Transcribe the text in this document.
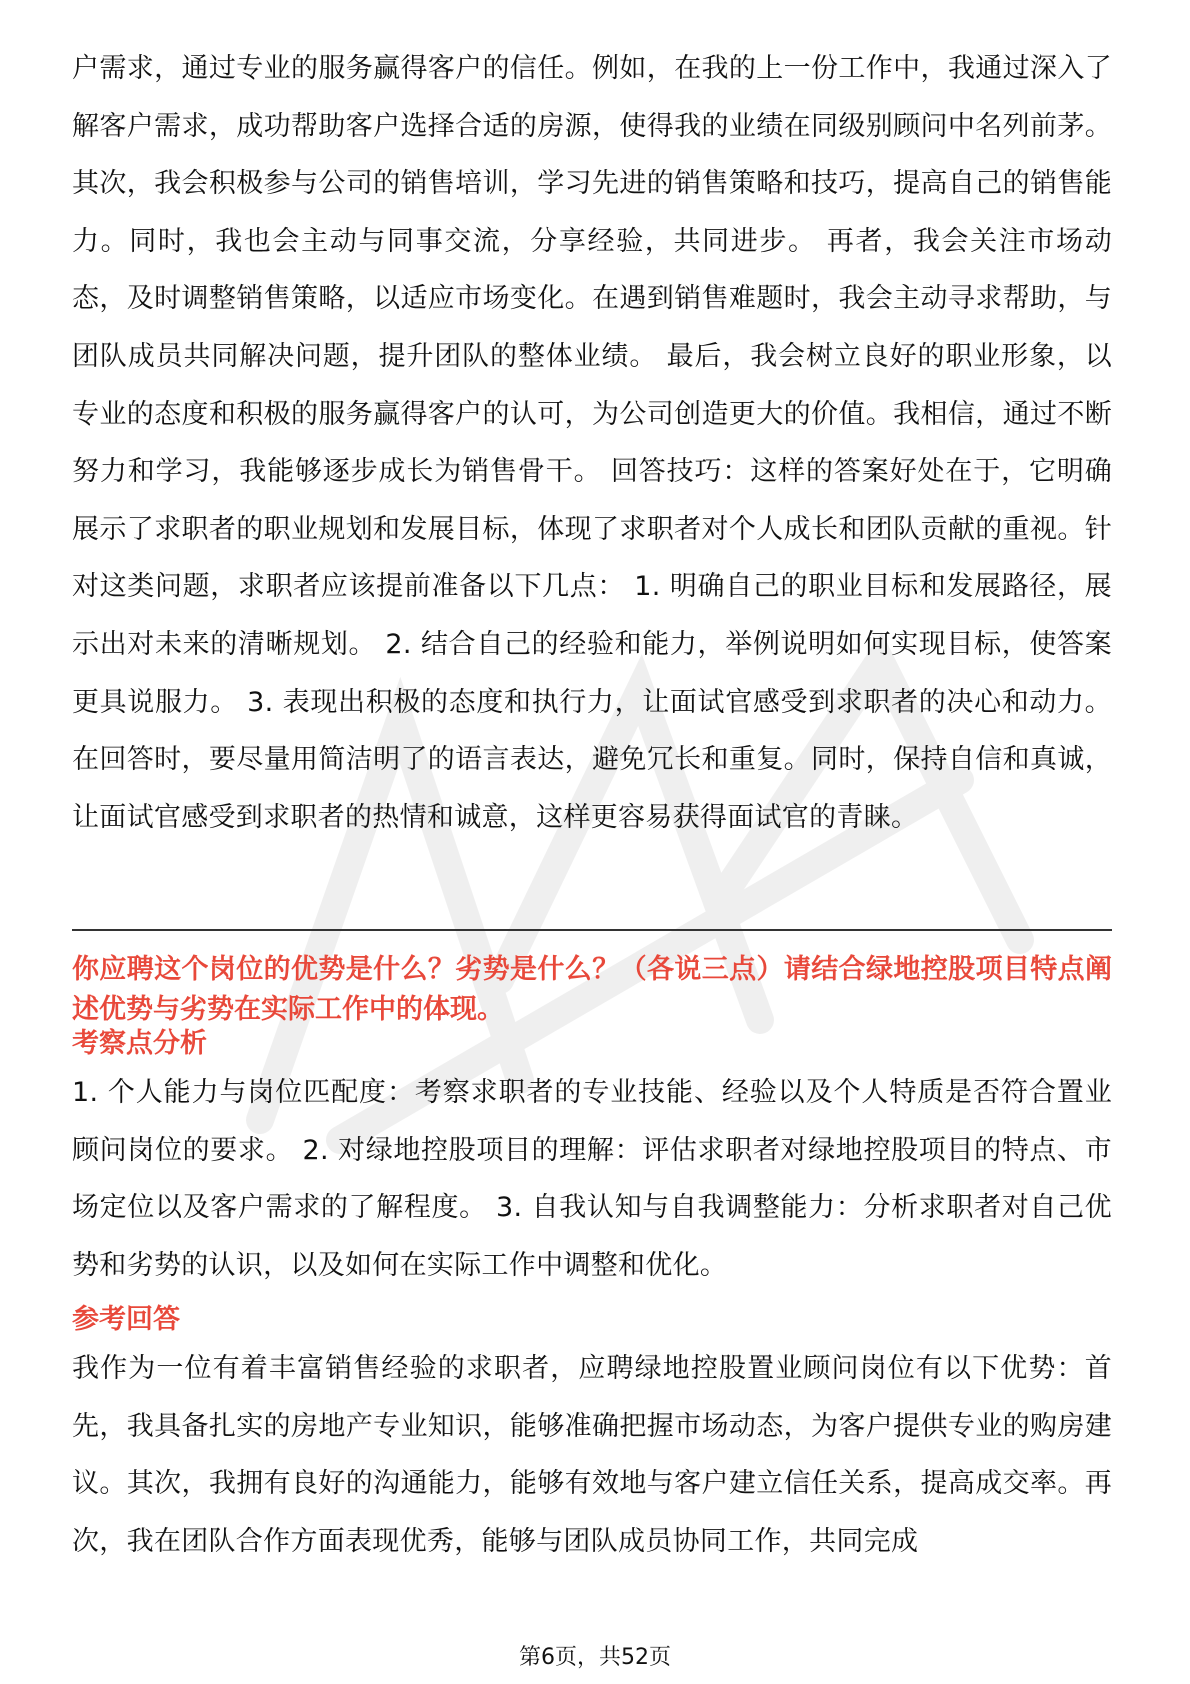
户需求，通过专业的服务赢得客户的信任。例如，在我的上一份工作中，我通过深入了解客户需求，成功帮助客户选择合适的房源，使得我的业绩在同级别顾问中名列前茅。 其次，我会积极参与公司的销售培训，学习先进的销售策略和技巧，提高自己的销售能力。同时，我也会主动与同事交流，分享经验，共同进步。 再者，我会关注市场动态，及时调整销售策略，以适应市场变化。在遇到销售难题时，我会主动寻求帮助，与团队成员共同解决问题，提升团队的整体业绩。 最后，我会树立良好的职业形象，以专业的态度和积极的服务赢得客户的认可，为公司创造更大的价值。我相信，通过不断努力和学习，我能够逐步成长为销售骨干。 回答技巧：这样的答案好处在于，它明确展示了求职者的职业规划和发展目标，体现了求职者对个人成长和团队贡献的重视。针对这类问题，求职者应该提前准备以下几点： 1. 明确自己的职业目标和发展路径，展示出对未来的清晰规划。 2. 结合自己的经验和能力，举例说明如何实现目标，使答案更具说服力。 3. 表现出积极的态度和执行力，让面试官感受到求职者的决心和动力。 在回答时，要尽量用简洁明了的语言表达，避免冗长和重复。同时，保持自信和真诚，让面试官感受到求职者的热情和诚意，这样更容易获得面试官的青睐。

你应聘这个岗位的优势是什么？劣势是什么？（各说三点）请结合绿地控股项目特点阐述优势与劣势在实际工作中的体现。

考察点分析

1. 个人能力与岗位匹配度：考察求职者的专业技能、经验以及个人特质是否符合置业顾问岗位的要求。 2. 对绿地控股项目的理解：评估求职者对绿地控股项目的特点、市场定位以及客户需求的了解程度。 3. 自我认知与自我调整能力：分析求职者对自己优势和劣势的认识，以及如何在实际工作中调整和优化。

参考回答

我作为一位有着丰富销售经验的求职者，应聘绿地控股置业顾问岗位有以下优势：首先，我具备扎实的房地产专业知识，能够准确把握市场动态，为客户提供专业的购房建议。其次，我拥有良好的沟通能力，能够有效地与客户建立信任关系，提高成交率。再次，我在团队合作方面表现优秀，能够与团队成员协同工作，共同完成

第6页，共52页
